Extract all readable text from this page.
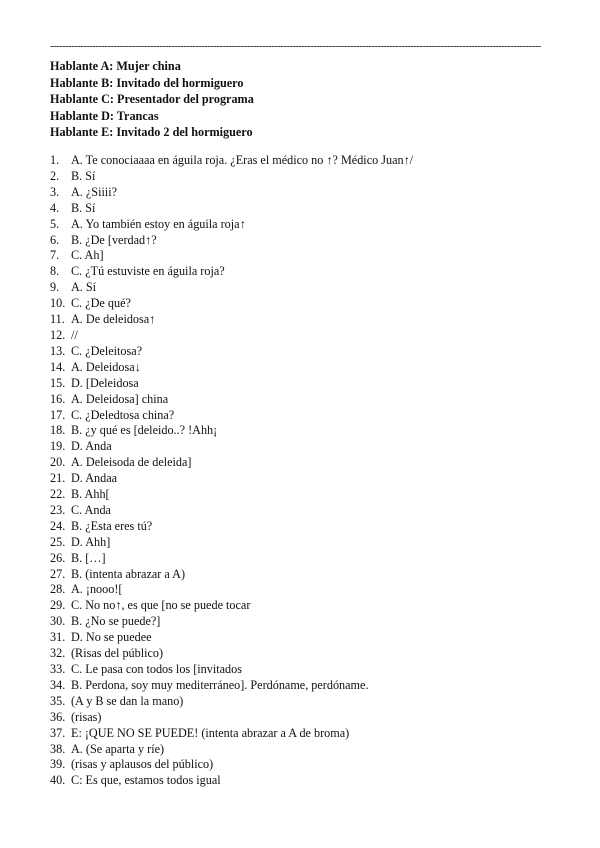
------------------------------------------------------------------------------------------------------------------------------------------------------------------
Hablante A: Mujer china
Hablante B: Invitado del hormiguero
Hablante C: Presentador del programa
Hablante D: Trancas
Hablante E: Invitado 2 del hormiguero
1. A. Te conociaaaa en águila roja. ¿Eras el médico no ↑? Médico Juan↑/
2. B. Sí
3. A. ¿Siiii?
4. B. Sí
5. A. Yo también estoy en águila roja↑
6. B. ¿De [verdad↑?
7. C. Ah]
8. C. ¿Tú estuviste en águila roja?
9. A. Sí
10. C. ¿De qué?
11. A. De deleidosa↑
12. //
13. C. ¿Deleitosa?
14. A. Deleidosa↓
15. D. [Deleidosa
16. A. Deleidosa] china
17. C. ¿Deledtosa china?
18. B. ¿y qué es [deleido..? !Ahh¡
19. D. Anda
20. A. Deleisoda de deleida]
21. D. Andaa
22. B. Ahh[
23. C. Anda
24. B. ¿Esta eres tú?
25. D. Ahh]
26. B. […]
27. B. (intenta abrazar a A)
28. A. ¡nooo![
29. C. No no↑, es que [no se puede tocar
30. B. ¿No se puede?]
31. D. No se puedee
32. (Risas del público)
33. C. Le pasa con todos los [invitados
34. B. Perdona, soy muy mediterráneo]. Perdóname, perdóname.
35. (A y B se dan la mano)
36. (risas)
37. E: ¡QUE NO SE PUEDE! (intenta abrazar a A de broma)
38. A. (Se aparta y ríe)
39. (risas y aplausos del público)
40. C: Es que, estamos todos igual
